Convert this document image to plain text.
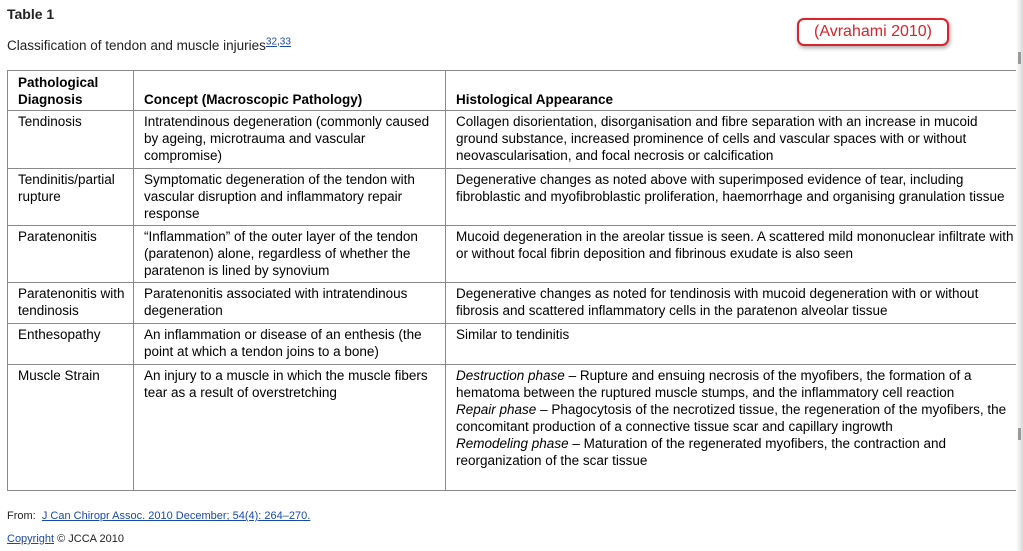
Table 1
Classification of tendon and muscle injuries$^{32,33}$
(Avrahami 2010)
Pathological Diagnosis	Concept (Macroscopic Pathology)	Histological Appearance
Tendinosis	Intratendinous degeneration (commonly caused by ageing, microtrauma and vascular compromise)	Collagen disorientation, disorganisation and fibre separation with an increase in mucoid ground substance, increased prominence of cells and vascular spaces with or without neovascularisation, and focal necrosis or calcification
Tendinitis/partial rupture	Symptomatic degeneration of the tendon with vascular disruption and inflammatory repair response	Degenerative changes as noted above with superimposed evidence of tear, including fibroblastic and myofibroblastic proliferation, haemorrhage and organising granulation tissue
Paratenonitis	“Inflammation” of the outer layer of the tendon (paratenon) alone, regardless of whether the paratenon is lined by synovium	Mucoid degeneration in the areolar tissue is seen. A scattered mild mononuclear infiltrate with or without focal fibrin deposition and fibrinous exudate is also seen
Paratenonitis with tendinosis	Paratenonitis associated with intratendinous degeneration	Degenerative changes as noted for tendinosis with mucoid degeneration with or without fibrosis and scattered inflammatory cells in the paratenon alveolar tissue
Enthesopathy	An inflammation or disease of an enthesis (the point at which a tendon joins to a bone)	Similar to tendinitis
Muscle Strain	An injury to a muscle in which the muscle fibers tear as a result of overstretching	Destruction phase – Rupture and ensuing necrosis of the myofibers, the formation of a hematoma between the ruptured muscle stumps, and the inflammatory cell reaction
Repair phase – Phagocytosis of the necrotized tissue, the regeneration of the myofibers, the concomitant production of a connective tissue scar and capillary ingrowth
Remodeling phase – Maturation of the regenerated myofibers, the contraction and reorganization of the scar tissue
From: J Can Chiropr Assoc. 2010 December; 54(4): 264–270.
Copyright © JCCA 2010
